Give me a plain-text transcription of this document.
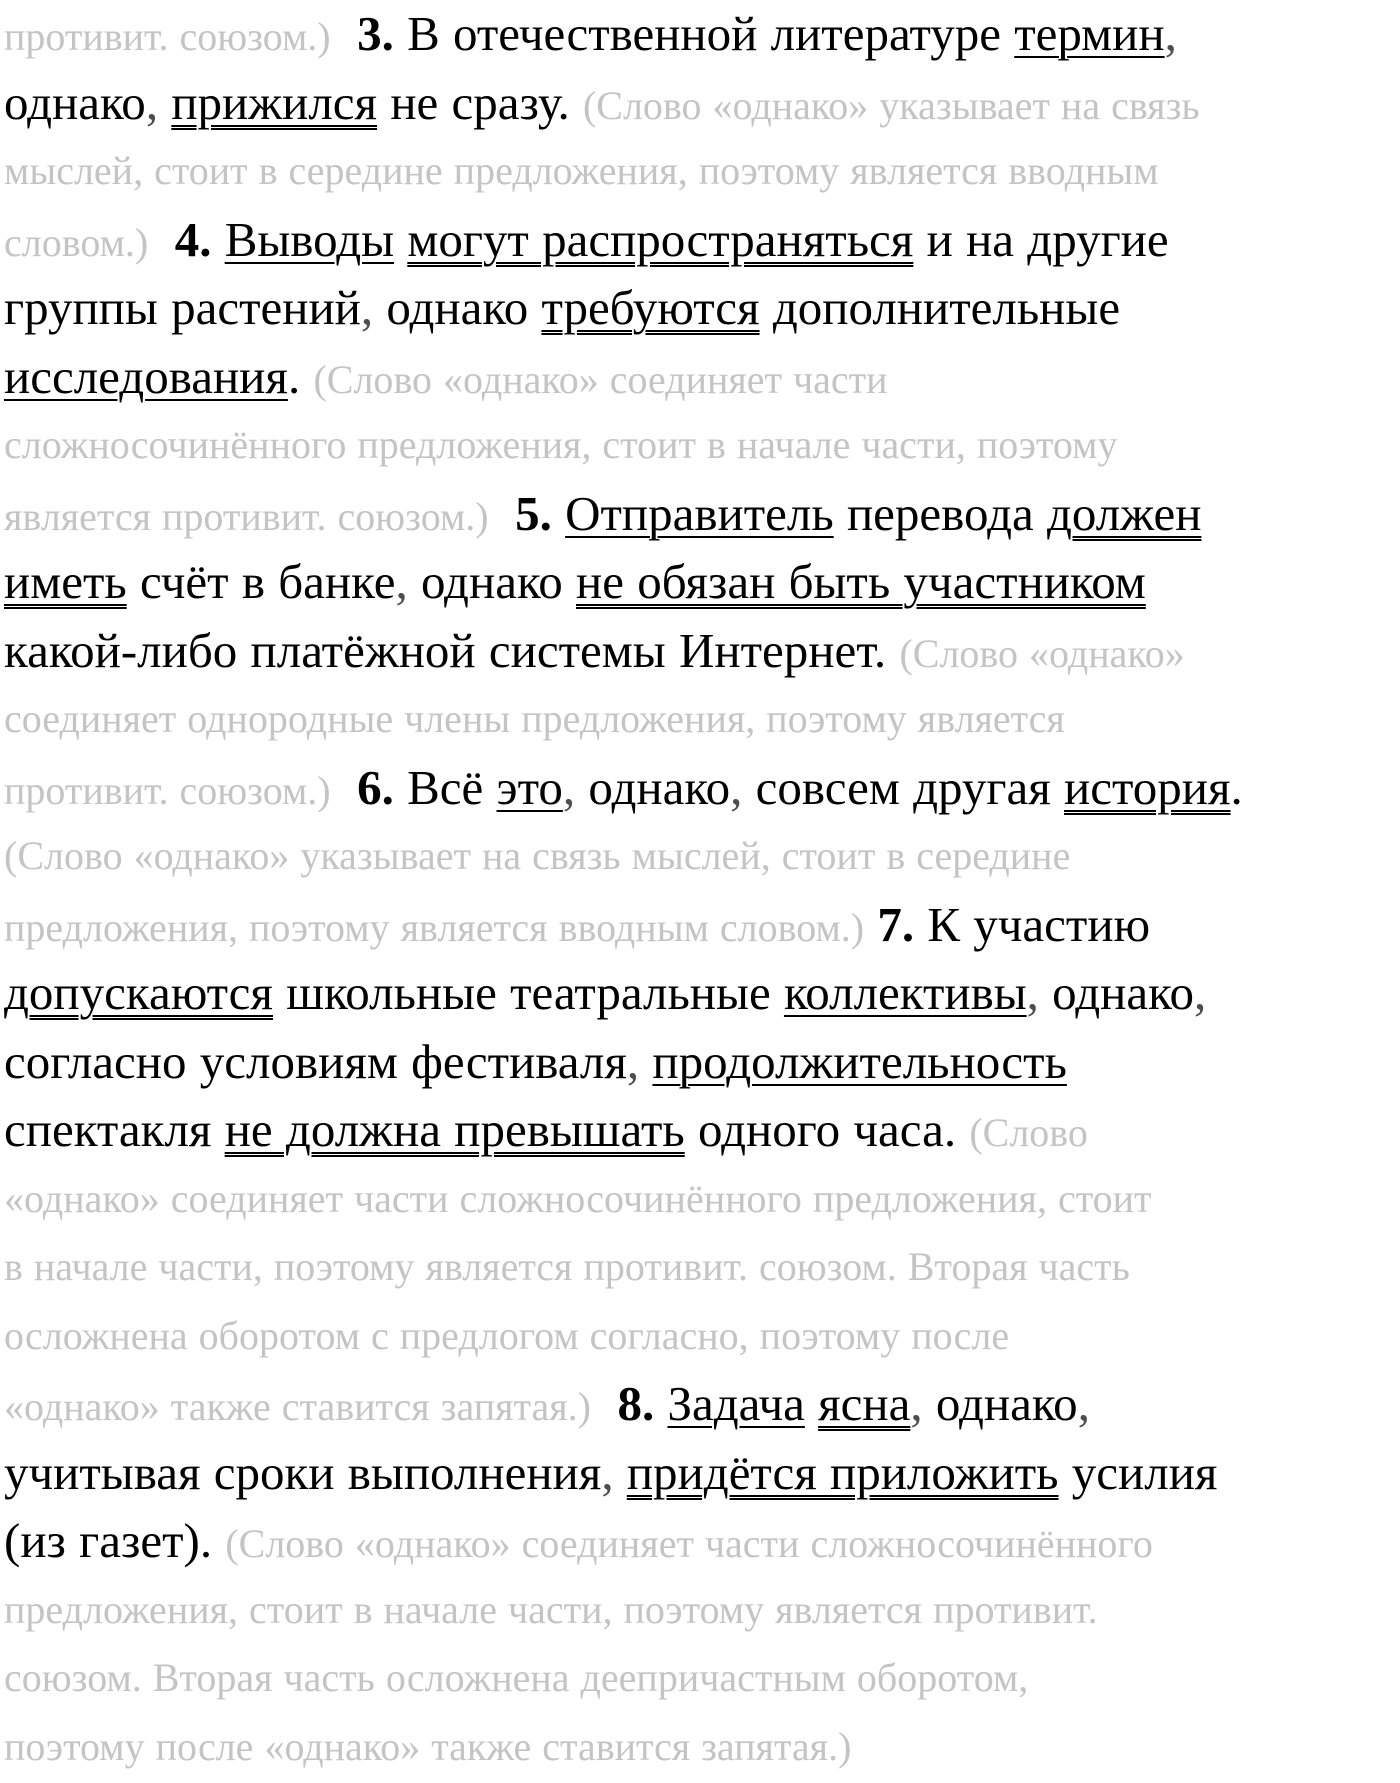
противит. союзом.) 3. В отечественной литературе термин,
однако, прижился не сразу. (Слово «однако» указывает на связь
мыслей, стоит в середине предложения, поэтому является вводным
словом.) 4. Выводы могут распространяться и на другие
группы растений, однако требуются дополнительные
исследования. (Слово «однако» соединяет части
сложносочинённого предложения, стоит в начале части, поэтому
является противит. союзом.) 5. Отправитель перевода должен
иметь счёт в банке, однако не обязан быть участником
какой-либо платёжной системы Интернет. (Слово «однако»
соединяет однородные члены предложения, поэтому является
противит. союзом.) 6. Всё это, однако, совсем другая история.
(Слово «однако» указывает на связь мыслей, стоит в середине
предложения, поэтому является вводным словом.) 7. К участию
допускаются школьные театральные коллективы, однако,
согласно условиям фестиваля, продолжительность
спектакля не должна превышать одного часа. (Слово
«однако» соединяет части сложносочинённого предложения, стоит
в начале части, поэтому является противит. союзом. Вторая часть
осложнена оборотом с предлогом согласно, поэтому после
«однако» также ставится запятая.) 8. Задача ясна, однако,
учитывая сроки выполнения, придётся приложить усилия
(из газет). (Слово «однако» соединяет части сложносочинённого
предложения, стоит в начале части, поэтому является противит.
союзом. Вторая часть осложнена деепричастным оборотом,
поэтому после «однако» также ставится запятая.)
